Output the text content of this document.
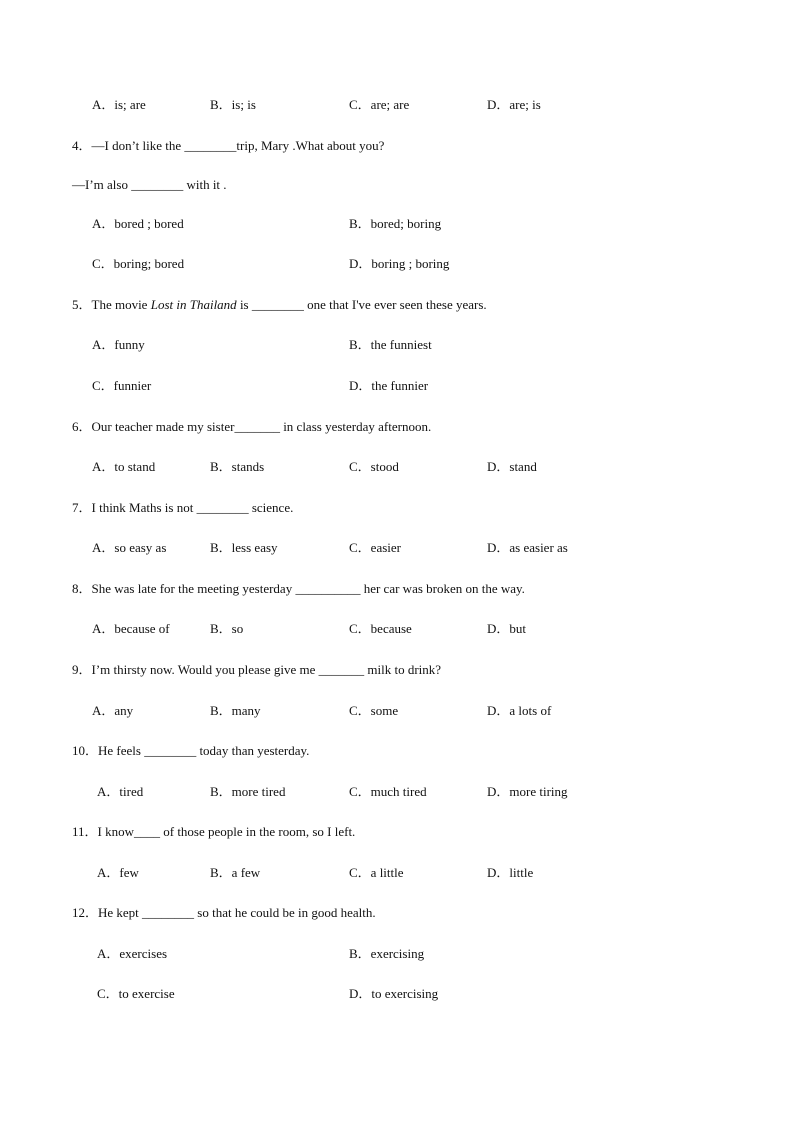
A．is; are	B．is; is	C．are; are	D．are; is
4．—I don’t like the ________trip, Mary .What about you?
—I’m also ________ with it .
A．bored ; bored	B．bored; boring
C．boring; bored	D．boring ; boring
5．The movie Lost in Thailand is ________ one that I've ever seen these years.
A．funny	B．the funniest
C．funnier	D．the funnier
6．Our teacher made my sister_______ in class yesterday afternoon.
A．to stand	B．stands	C．stood	D．stand
7．I think Maths is not ________ science.
A．so easy as	B．less easy	C．easier	D．as easier as
8．She was late for the meeting yesterday __________ her car was broken on the way.
A．because of	B．so	C．because	D．but
9．I’m thirsty now. Would you please give me _______ milk to drink?
A．any	B．many	C．some	D．a lots of
10．He feels ________ today than yesterday.
A．tired	B．more tired	C．much tired	D．more tiring
11．I know____ of those people in the room, so I left.
A．few	B．a few	C．a little	D．little
12．He kept ________ so that he could be in good health.
A．exercises	B．exercising
C．to exercise	D．to exercising
